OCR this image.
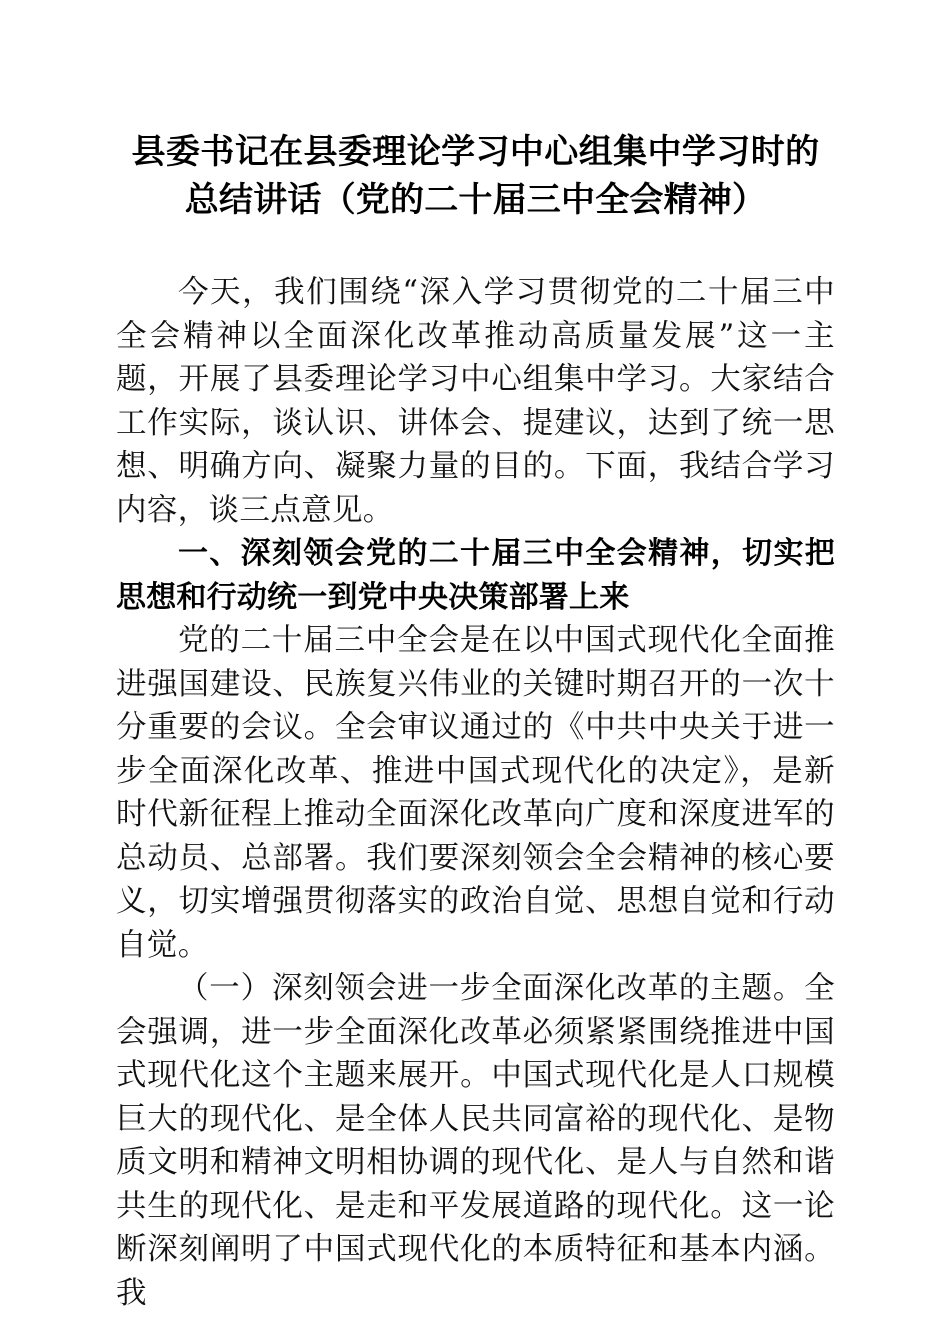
县委书记在县委理论学习中心组集中学习时的
总结讲话（党的二十届三中全会精神）

今天，我们围绕“深入学习贯彻党的二十届三中全会精神以全面深化改革推动高质量发展”这一主题，开展了县委理论学习中心组集中学习。大家结合工作实际，谈认识、讲体会、提建议，达到了统一思想、明确方向、凝聚力量的目的。下面，我结合学习内容，谈三点意见。

一、深刻领会党的二十届三中全会精神，切实把思想和行动统一到党中央决策部署上来

党的二十届三中全会是在以中国式现代化全面推进强国建设、民族复兴伟业的关键时期召开的一次十分重要的会议。全会审议通过的《中共中央关于进一步全面深化改革、推进中国式现代化的决定》，是新时代新征程上推动全面深化改革向广度和深度进军的总动员、总部署。我们要深刻领会全会精神的核心要义，切实增强贯彻落实的政治自觉、思想自觉和行动自觉。

（一）深刻领会进一步全面深化改革的主题。全会强调，进一步全面深化改革必须紧紧围绕推进中国式现代化这个主题来展开。中国式现代化是人口规模巨大的现代化、是全体人民共同富裕的现代化、是物质文明和精神文明相协调的现代化、是人与自然和谐共生的现代化、是走和平发展道路的现代化。这一论断深刻阐明了中国式现代化的本质特征和基本内涵。我
